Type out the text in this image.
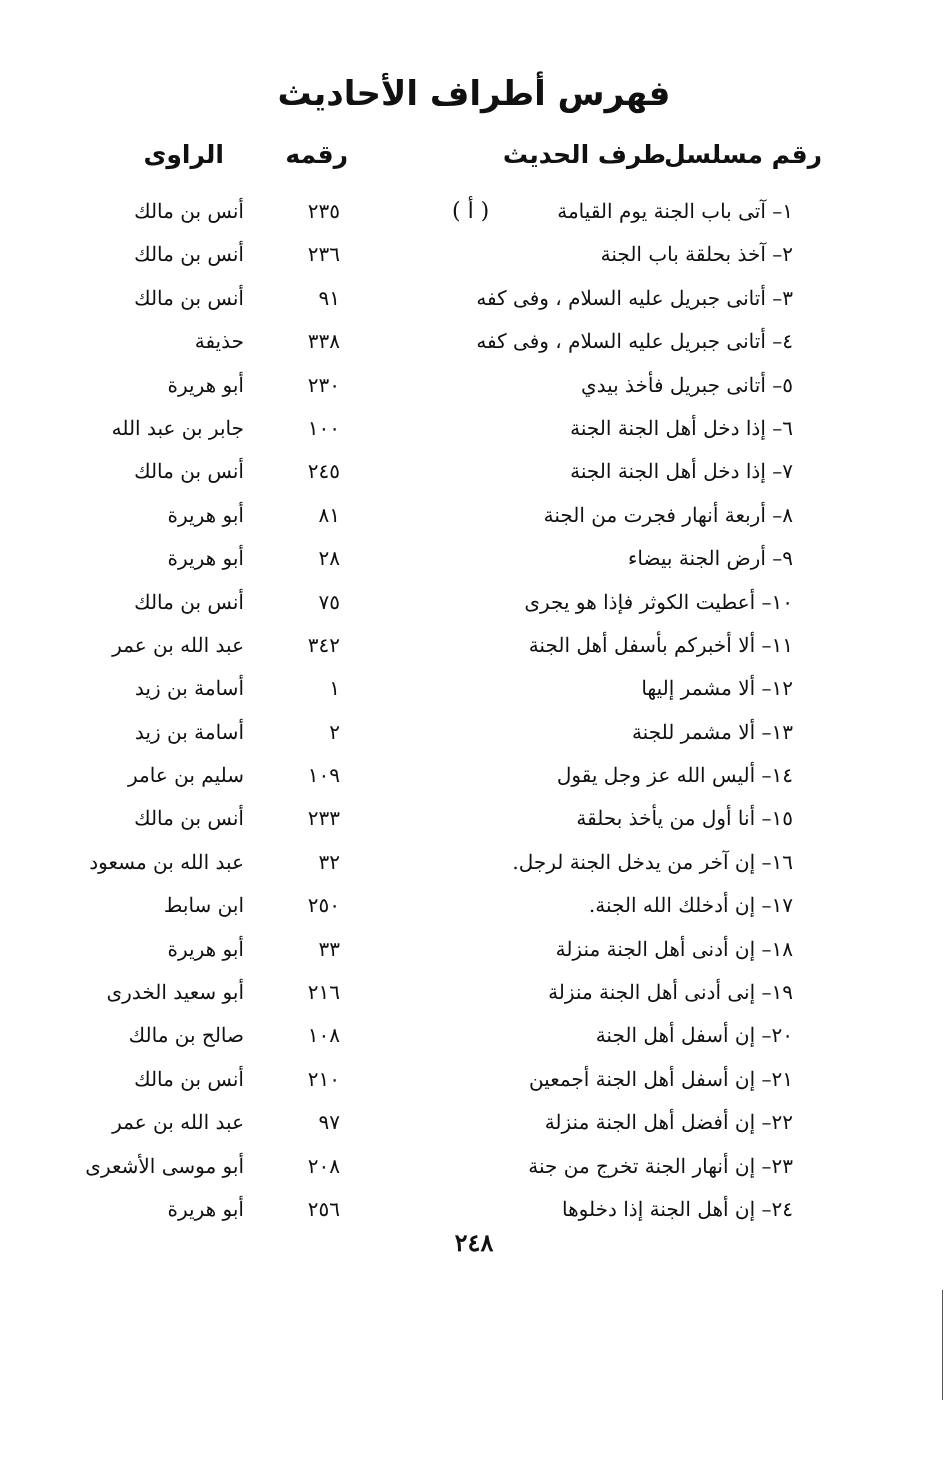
فهرس أطراف الأحاديث
رقم مسلسل
طرف الحديث
رقمه
الراوى
( أ )	١– آتى باب الجنة يوم القيامة
٢٣٥
أنس بن مالك
٢– آخذ بحلقة باب الجنة
٢٣٦
أنس بن مالك
٣– أتانى جبريل عليه السلام ، وفى كفه
٩١
أنس بن مالك
٤– أتانى جبريل عليه السلام ، وفى كفه
٣٣٨
حذيفة
٥– أتانى جبريل فأخذ بيدي
٢٣٠
أبو هريرة
٦– إذا دخل أهل الجنة الجنة
١٠٠
جابر بن عبد الله
٧– إذا دخل أهل الجنة الجنة
٢٤٥
أنس بن مالك
٨– أربعة أنهار فجرت من الجنة
٨١
أبو هريرة
٩– أرض الجنة بيضاء
٢٨
أبو هريرة
١٠– أعطيت الكوثر فإذا هو يجرى
٧٥
أنس بن مالك
١١– ألا أخبركم بأسفل أهل الجنة
٣٤٢
عبد الله بن عمر
١٢– ألا مشمر إليها
١
أسامة بن زيد
١٣– ألا مشمر للجنة
٢
أسامة بن زيد
١٤– أليس الله عز وجل يقول
١٠٩
سليم بن عامر
١٥– أنا أول من يأخذ بحلقة
٢٣٣
أنس بن مالك
١٦– إن آخر من يدخل الجنة لرجل.
٣٢
عبد الله بن مسعود
١٧– إن أدخلك الله الجنة.
٢٥٠
ابن سابط
١٨– إن أدنى أهل الجنة منزلة
٣٣
أبو هريرة
١٩– إنى أدنى أهل الجنة منزلة
٢١٦
أبو سعيد الخدرى
٢٠– إن أسفل أهل الجنة
١٠٨
صالح بن مالك
٢١– إن أسفل أهل الجنة أجمعين
٢١٠
أنس بن مالك
٢٢– إن أفضل أهل الجنة منزلة
٩٧
عبد الله بن عمر
٢٣– إن أنهار الجنة تخرج من جنة
٢٠٨
أبو موسى الأشعرى
٢٤– إن أهل الجنة إذا دخلوها
٢٥٦
أبو هريرة
٢٤٨
